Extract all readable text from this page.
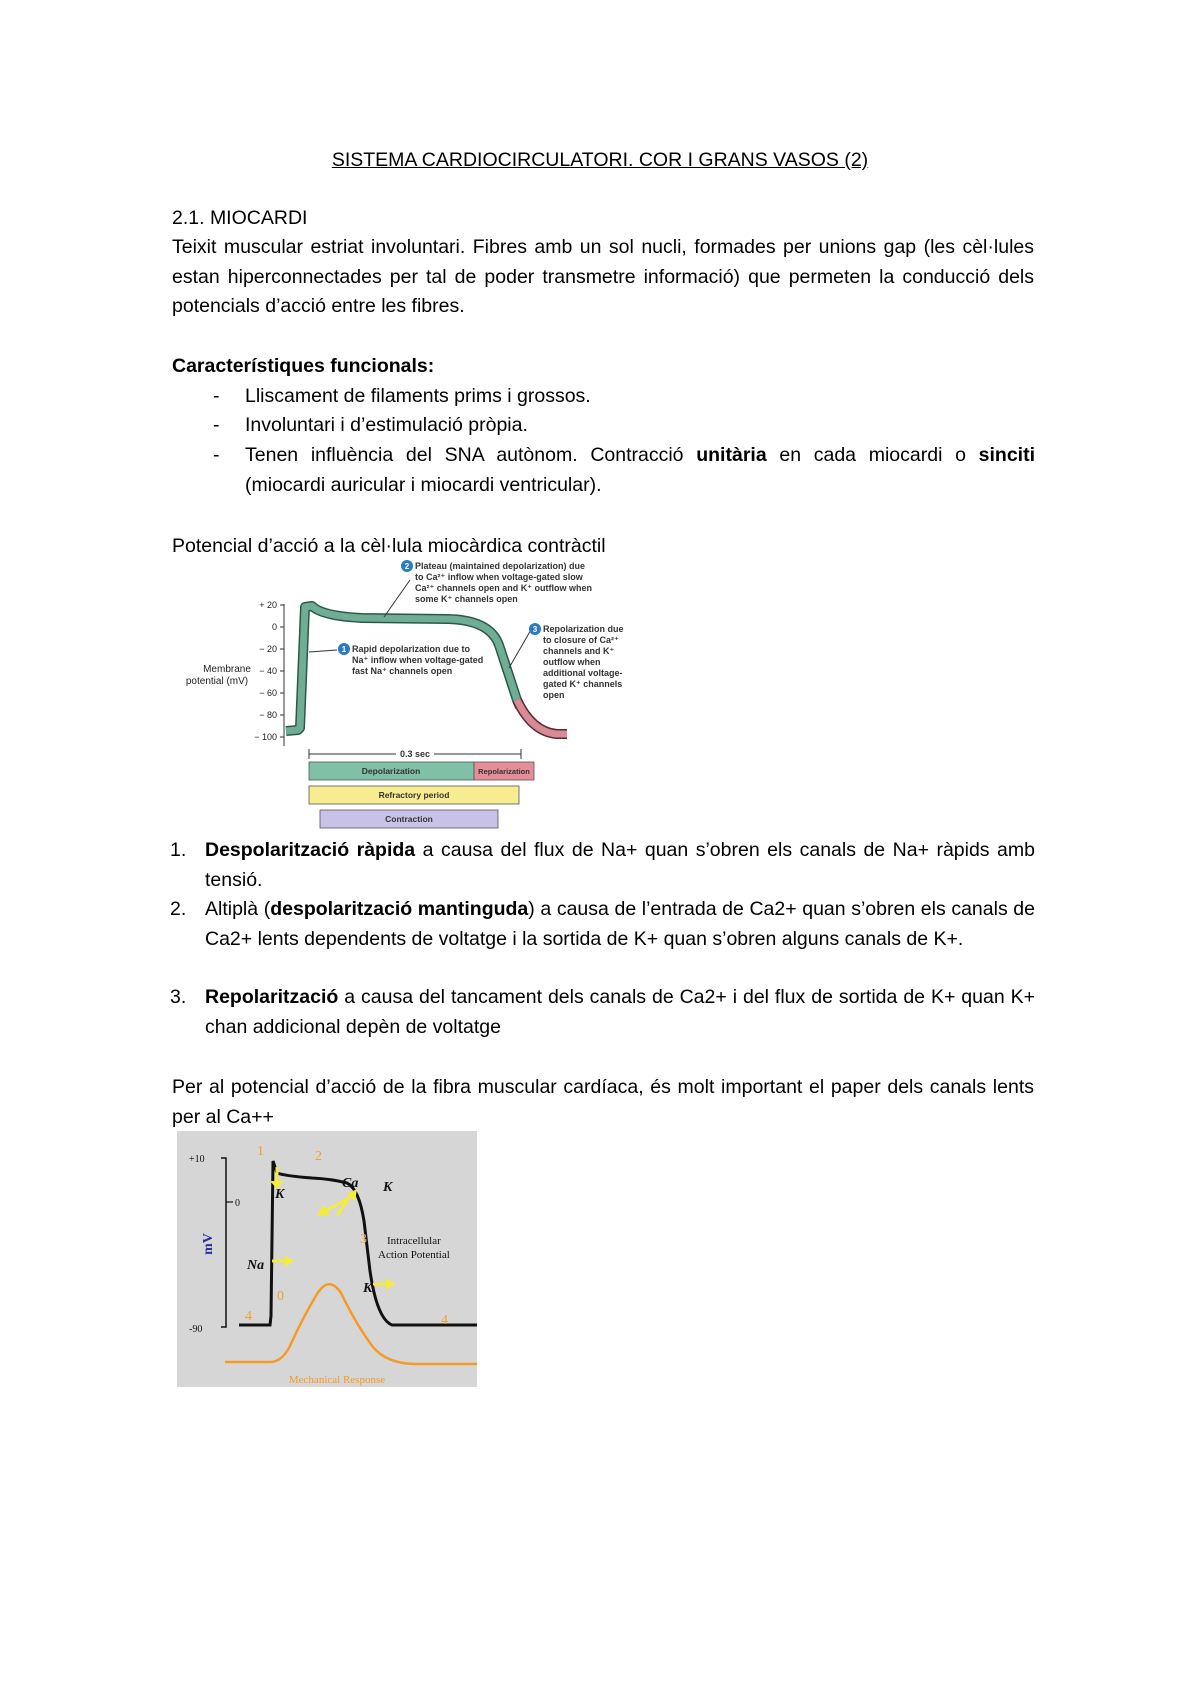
SISTEMA CARDIOCIRCULATORI. COR I GRANS VASOS (2)
2.1. MIOCARDI
Teixit muscular estriat involuntari. Fibres amb un sol nucli, formades per unions gap (les cèl·lules estan hiperconnectades per tal de poder transmetre informació) que permeten la conducció dels potencials d’acció entre les fibres.
Característiques funcionals:
- Lliscament de filaments prims i grossos.
- Involuntari i d’estimulació pròpia.
- Tenen influència del SNA autònom. Contracció unitària en cada miocardi o sinciti (miocardi auricular i miocardi ventricular).
Potencial d’acció a la cèl·lula miocàrdica contràctil
+ 20
0
− 20
− 40
− 60
− 80
− 100
Membrane
potential (mV)
1 Rapid depolarization due to
Na⁺ inflow when voltage-gated
fast Na⁺ channels open
2 Plateau (maintained depolarization) due
to Ca²⁺ inflow when voltage-gated slow
Ca²⁺ channels open and K⁺ outflow when
some K⁺ channels open
3 Repolarization due
to closure of Ca²⁺
channels and K⁺
outflow when
additional voltage-
gated K⁺ channels
open
0.3 sec
Depolarization	Repolarization
Refractory period
Contraction
1. Despolarització ràpida a causa del flux de Na+ quan s’obren els canals de Na+ ràpids amb tensió.
2. Altiplà (despolarització mantinguda) a causa de l’entrada de Ca2+ quan s’obren els canals de Ca2+ lents dependents de voltatge i la sortida de K+ quan s’obren alguns canals de K+.
3. Repolarització a causa del tancament dels canals de Ca2+ i del flux de sortida de K+ quan K+ chan addicional depèn de voltatge
Per al potencial d’acció de la fibra muscular cardíaca, és molt important el paper dels canals lents per al Ca++
+10
0
-90
mV
Mechanical Response
1	2
3
0
4	4
K
Ca K
Na
K
Intracellular
Action Potential
